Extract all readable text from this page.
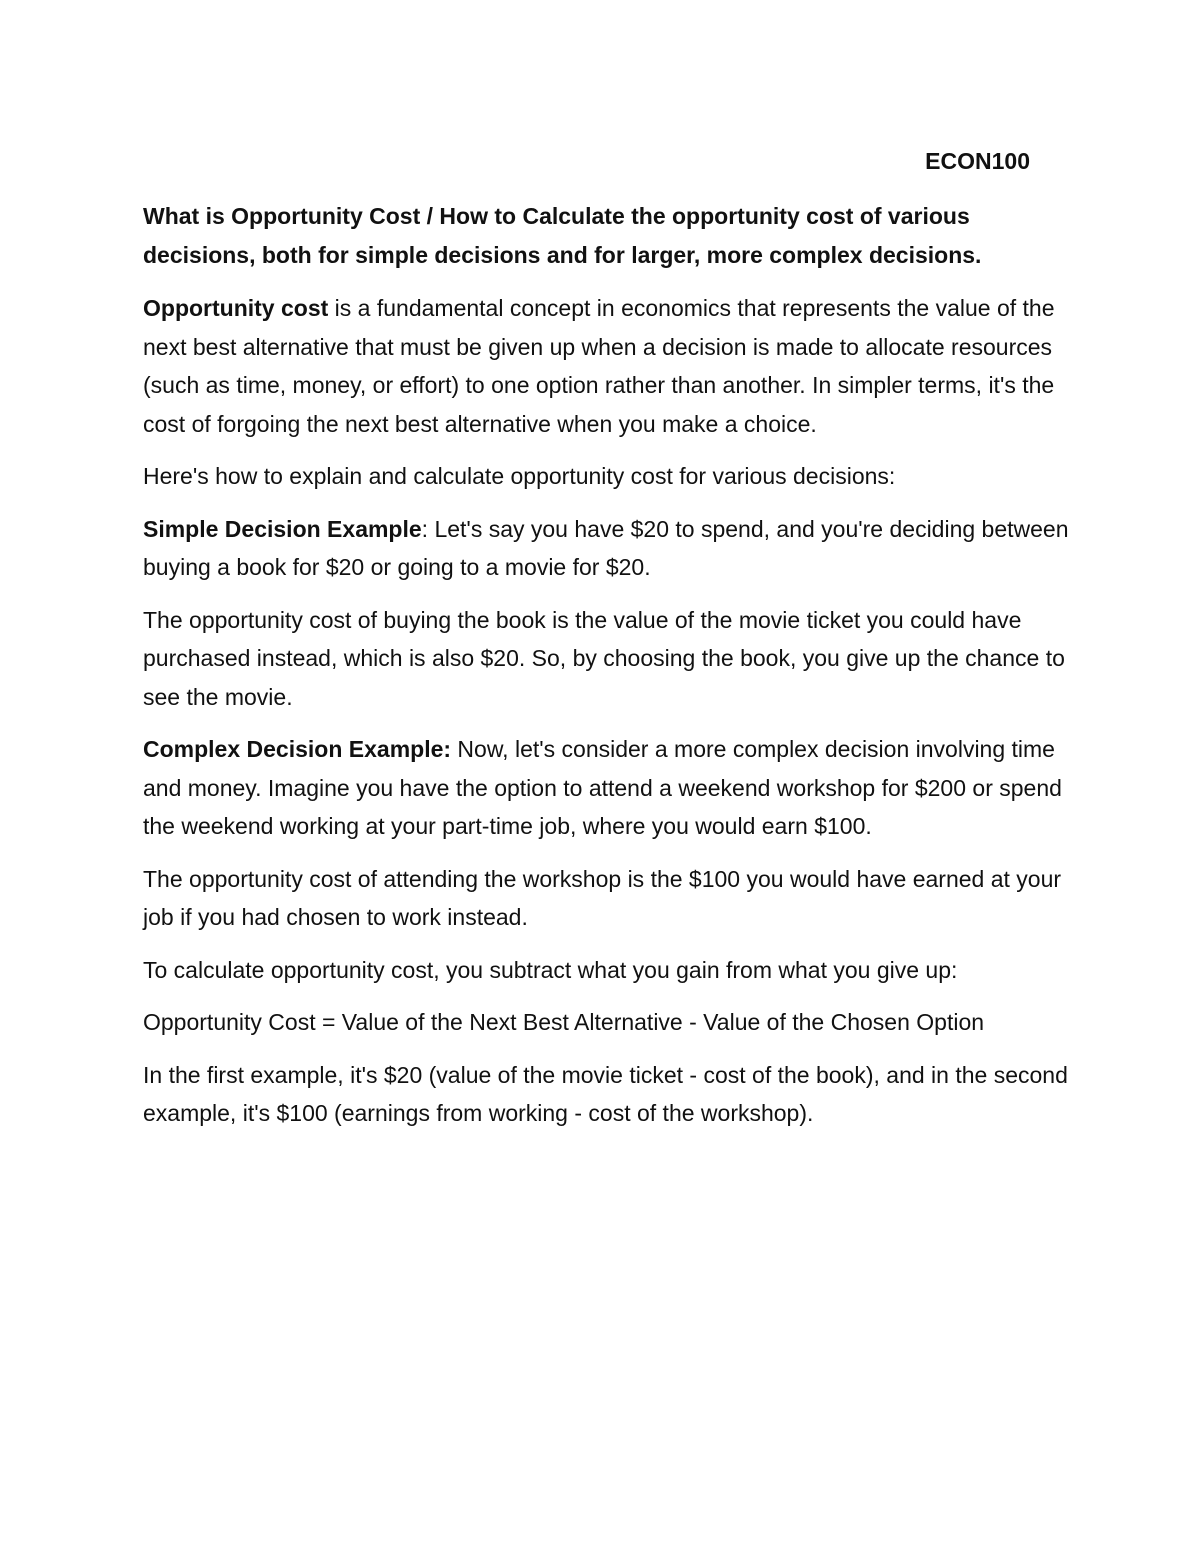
ECON100

What is Opportunity Cost / How to Calculate the opportunity cost of various decisions, both for simple decisions and for larger, more complex decisions.

Opportunity cost is a fundamental concept in economics that represents the value of the next best alternative that must be given up when a decision is made to allocate resources (such as time, money, or effort) to one option rather than another. In simpler terms, it's the cost of forgoing the next best alternative when you make a choice.

Here's how to explain and calculate opportunity cost for various decisions:

Simple Decision Example: Let's say you have $20 to spend, and you're deciding between buying a book for $20 or going to a movie for $20.

The opportunity cost of buying the book is the value of the movie ticket you could have purchased instead, which is also $20. So, by choosing the book, you give up the chance to see the movie.

Complex Decision Example: Now, let's consider a more complex decision involving time and money. Imagine you have the option to attend a weekend workshop for $200 or spend the weekend working at your part-time job, where you would earn $100.

The opportunity cost of attending the workshop is the $100 you would have earned at your job if you had chosen to work instead.

To calculate opportunity cost, you subtract what you gain from what you give up:

Opportunity Cost = Value of the Next Best Alternative - Value of the Chosen Option

In the first example, it's $20 (value of the movie ticket - cost of the book), and in the second example, it's $100 (earnings from working - cost of the workshop).
